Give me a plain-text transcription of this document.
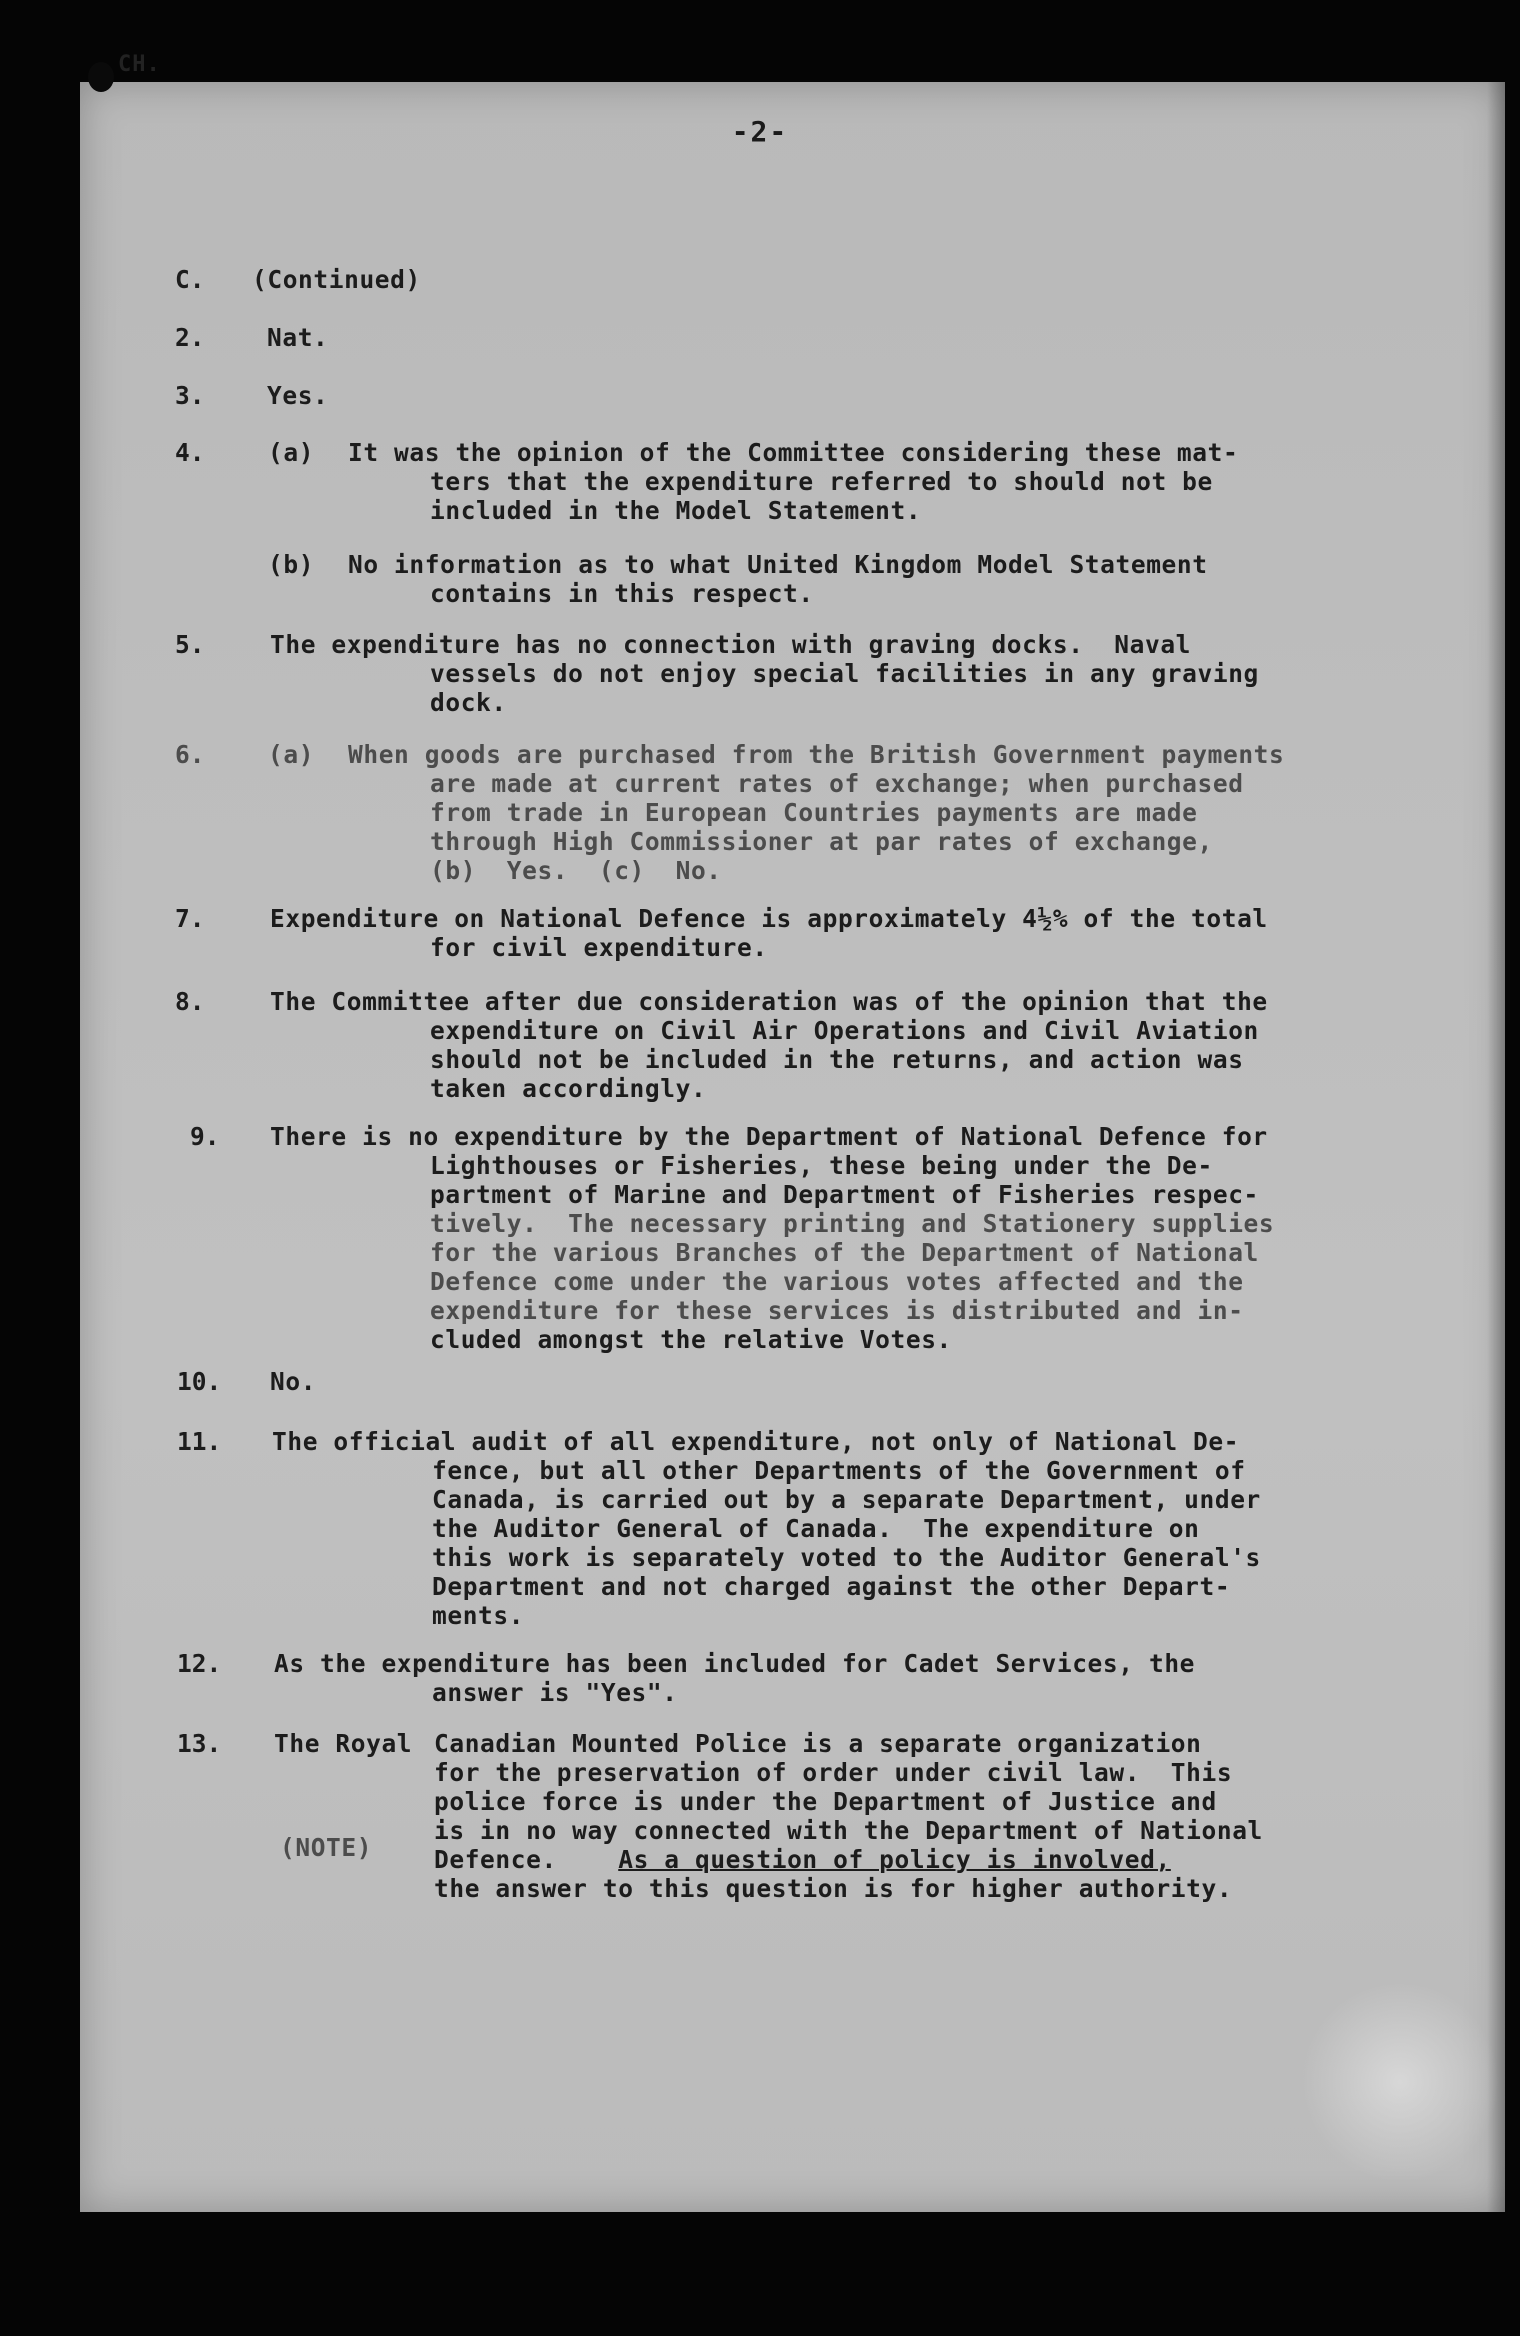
CH.
-2-
C. (Continued)
2.	Nat.
3.	Yes.
4.	(a) It was the opinion of the Committee considering these mat-
ters that the expenditure referred to should not be
included in the Model Statement.
(b) No information as to what United Kingdom Model Statement
contains in this respect.
5.	The expenditure has no connection with graving docks.  Naval
vessels do not enjoy special facilities in any graving
dock.
6.	(a) When goods are purchased from the British Government payments
are made at current rates of exchange; when purchased
from trade in European Countries payments are made
through High Commissioner at par rates of exchange,
(b)  Yes.  (c)  No.
7.	Expenditure on National Defence is approximately 4½% of the total
for civil expenditure.
8.	The Committee after due consideration was of the opinion that the
expenditure on Civil Air Operations and Civil Aviation
should not be included in the returns, and action was
taken accordingly.
9. There is no expenditure by the Department of National Defence for
Lighthouses or Fisheries, these being under the De-
partment of Marine and Department of Fisheries respec-
tively.  The necessary printing and Stationery supplies
for the various Branches of the Department of National
Defence come under the various votes affected and the
expenditure for these services is distributed and in-
cluded amongst the relative Votes.
10. No.
11. The official audit of all expenditure, not only of National De-
fence, but all other Departments of the Government of
Canada, is carried out by a separate Department, under
the Auditor General of Canada.  The expenditure on
this work is separately voted to the Auditor General's
Department and not charged against the other Depart-
ments.
12. As the expenditure has been included for Cadet Services, the
answer is "Yes".
13. The Royal Canadian Mounted Police is a separate organization
for the preservation of order under civil law.  This
police force is under the Department of Justice and
is in no way connected with the Department of National
(NOTE)	Defence.	As a question of policy is involved,
the answer to this question is for higher authority.
